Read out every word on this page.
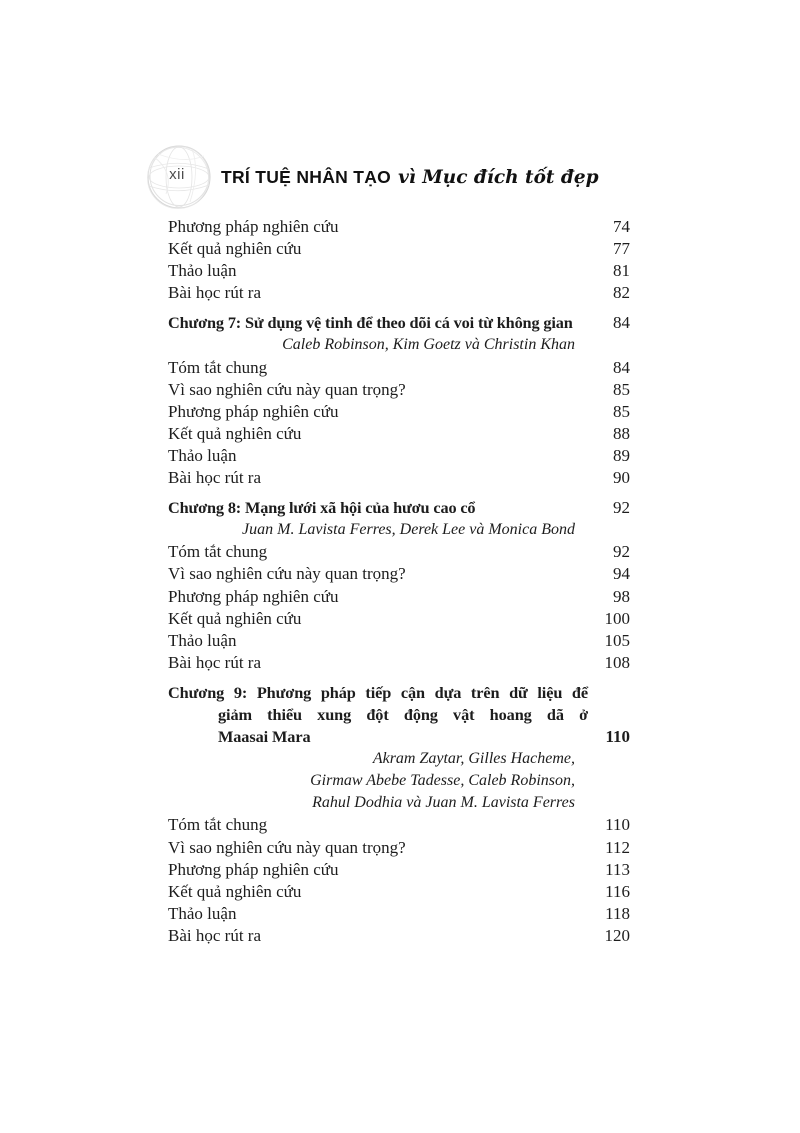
xii	TRÍ TUỆ NHÂN TẠO vì Mục đích tốt đẹp
Phương pháp nghiên cứu	74
Kết quả nghiên cứu	77
Thảo luận	81
Bài học rút ra	82
Chương 7: Sử dụng vệ tinh để theo dõi cá voi từ không gian	84
Caleb Robinson, Kim Goetz và Christin Khan
Tóm tắt chung	84
Vì sao nghiên cứu này quan trọng?	85
Phương pháp nghiên cứu	85
Kết quả nghiên cứu	88
Thảo luận	89
Bài học rút ra	90
Chương 8: Mạng lưới xã hội của hươu cao cổ	92
Juan M. Lavista Ferres, Derek Lee và Monica Bond
Tóm tắt chung	92
Vì sao nghiên cứu này quan trọng?	94
Phương pháp nghiên cứu	98
Kết quả nghiên cứu	100
Thảo luận	105
Bài học rút ra	108
Chương 9: Phương pháp tiếp cận dựa trên dữ liệu để
giảm thiểu xung đột động vật hoang dã ở
Maasai Mara	110
Akram Zaytar, Gilles Hacheme,
Girmaw Abebe Tadesse, Caleb Robinson,
Rahul Dodhia và Juan M. Lavista Ferres
Tóm tắt chung	110
Vì sao nghiên cứu này quan trọng?	112
Phương pháp nghiên cứu	113
Kết quả nghiên cứu	116
Thảo luận	118
Bài học rút ra	120
